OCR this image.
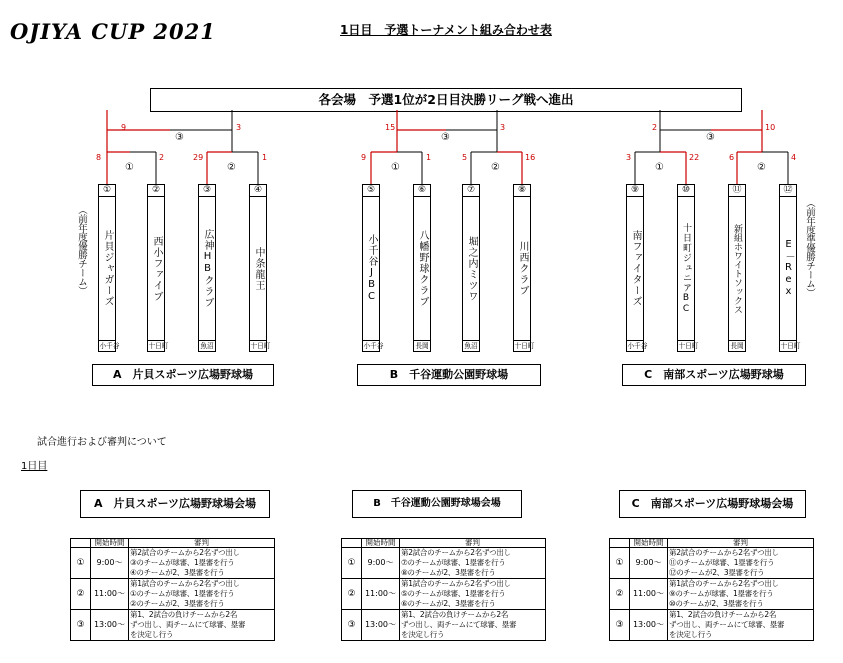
OJIYA CUP 2021	1日目　予選トーナメント組み合わせ表
各会場　予選1位が2日目決勝リーグ戦へ進出
③
①	②
③
①	②
③
①	②
9	3
8	2	29	1
15	3
9	1	5	16
2	10
3	22	6	4
①
片貝ジャガーズ
小千谷
②
西小ファイブ
十日町
③
広神HBクラブ
魚沼
④
中条龍王
十日町
⑤
小千谷JBC
小千谷
⑥
八幡野球クラブ
長岡
⑦
堀之内ミツワ
魚沼
⑧
川西クラブ
十日町
⑨
南ファイターズ
小千谷
⑩
十日町ジュニアBC
十日町
⑪
新組ホワイトソックス
長岡
⑫
E－Rex
十日町
（前年度優勝チーム）	（前年度準優勝チーム）
A　片貝スポーツ広場野球場	B　千谷運動公園野球場	C　南部スポーツ広場野球場
試合進行および審判について
1日目
A　片貝スポーツ広場野球場会場	B　千谷運動公園野球場会場	C　南部スポーツ広場野球場会場
	開始時間	審判
①	9:00～	第2試合のチームから2名ずつ出し
③のチームが球審、1塁審を行う
④のチームが2、3塁審を行う

②	11:00～	第1試合のチームから2名ずつ出し
①のチームが球審、1塁審を行う
②のチームが2、3塁審を行う

③	13:00～	第1、2試合の負けチームから2名
ずつ出し、両チームにて球審、塁審
を決定し行う
	開始時間	審判
①	9:00～	第2試合のチームから2名ずつ出し
⑦のチームが球審、1塁審を行う
⑧のチームが2、3塁審を行う

②	11:00～	第1試合のチームから2名ずつ出し
⑤のチームが球審、1塁審を行う
⑥のチームが2、3塁審を行う

③	13:00～	第1、2試合の負けチームから2名
ずつ出し、両チームにて球審、塁審
を決定し行う
	開始時間	審判
①	9:00～	第2試合のチームから2名ずつ出し
⑪のチームが球審、1塁審を行う
⑫のチームが2、3塁審を行う

②	11:00～	第1試合のチームから2名ずつ出し
⑨のチームが球審、1塁審を行う
⑩のチームが2、3塁審を行う

③	13:00～	第1、2試合の負けチームから2名
ずつ出し、両チームにて球審、塁審
を決定し行う
